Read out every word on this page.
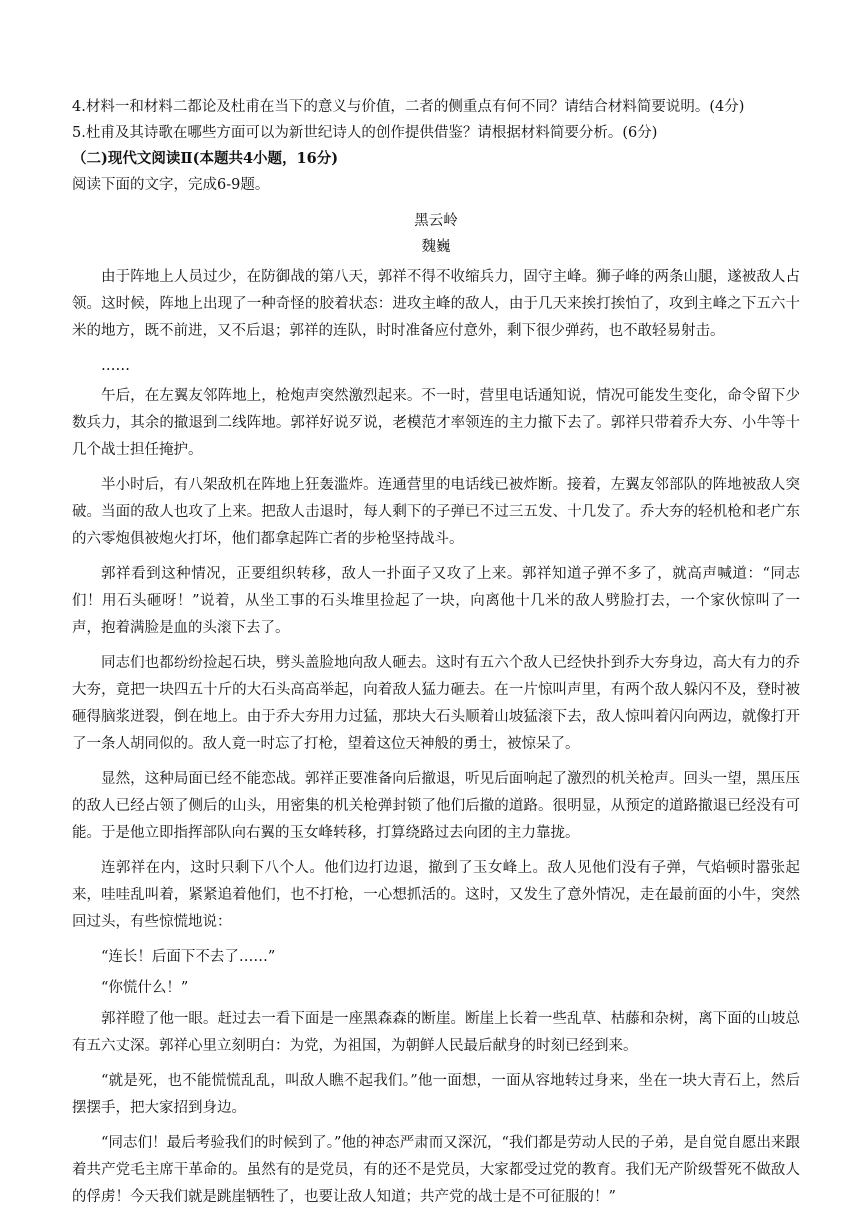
4.材料一和材料二都论及杜甫在当下的意义与价值，二者的侧重点有何不同？请结合材料简要说明。(4分)

5.杜甫及其诗歌在哪些方面可以为新世纪诗人的创作提供借鉴？请根据材料简要分析。(6分)

（二)现代文阅读Ⅱ(本题共4小题，16分)

阅读下面的文字，完成6-9题。

黑云岭

魏巍

由于阵地上人员过少，在防御战的第八天，郭祥不得不收缩兵力，固守主峰。狮子峰的两条山腿，遂被敌人占领。这时候，阵地上出现了一种奇怪的胶着状态：进攻主峰的敌人，由于几天来挨打挨怕了，攻到主峰之下五六十米的地方，既不前进，又不后退；郭祥的连队，时时准备应付意外，剩下很少弹药，也不敢轻易射击。

……

午后，在左翼友邻阵地上，枪炮声突然激烈起来。不一时，营里电话通知说，情况可能发生变化，命令留下少数兵力，其余的撤退到二线阵地。郭祥好说歹说，老模范才率领连的主力撤下去了。郭祥只带着乔大夯、小牛等十几个战士担任掩护。

半小时后，有八架敌机在阵地上狂轰滥炸。连通营里的电话线已被炸断。接着，左翼友邻部队的阵地被敌人突破。当面的敌人也攻了上来。把敌人击退时，每人剩下的子弹已不过三五发、十几发了。乔大夯的轻机枪和老广东的六零炮俱被炮火打坏，他们都拿起阵亡者的步枪坚持战斗。

郭祥看到这种情况，正要组织转移，敌人一扑面子又攻了上来。郭祥知道子弹不多了，就高声喊道：“同志们！用石头砸呀！”说着，从坐工事的石头堆里捡起了一块，向离他十几米的敌人劈脸打去，一个家伙惊叫了一声，抱着满脸是血的头滚下去了。

同志们也都纷纷捡起石块，劈头盖脸地向敌人砸去。这时有五六个敌人已经快扑到乔大夯身边，高大有力的乔大夯，竟把一块四五十斤的大石头高高举起，向着敌人猛力砸去。在一片惊叫声里，有两个敌人躲闪不及，登时被砸得脑浆迸裂，倒在地上。由于乔大夯用力过猛，那块大石头顺着山坡猛滚下去，敌人惊叫着闪向两边，就像打开了一条人胡同似的。敌人竟一时忘了打枪，望着这位天神般的勇士，被惊呆了。

显然，这种局面已经不能恋战。郭祥正要准备向后撤退，听见后面响起了激烈的机关枪声。回头一望，黑压压的敌人已经占领了侧后的山头，用密集的机关枪弹封锁了他们后撤的道路。很明显，从预定的道路撤退已经没有可能。于是他立即指挥部队向右翼的玉女峰转移，打算绕路过去向团的主力靠拢。

连郭祥在内，这时只剩下八个人。他们边打边退，撤到了玉女峰上。敌人见他们没有子弹，气焰顿时嚣张起来，哇哇乱叫着，紧紧追着他们，也不打枪，一心想抓活的。这时，又发生了意外情况，走在最前面的小牛，突然回过头，有些惊慌地说：

“连长！后面下不去了……”

“你慌什么！”

郭祥瞪了他一眼。赶过去一看下面是一座黑森森的断崖。断崖上长着一些乱草、枯藤和杂树，离下面的山坡总有五六丈深。郭祥心里立刻明白：为党，为祖国，为朝鲜人民最后献身的时刻已经到来。

“就是死，也不能慌慌乱乱，叫敌人瞧不起我们。”他一面想，一面从容地转过身来，坐在一块大青石上，然后摆摆手，把大家招到身边。

“同志们！最后考验我们的时候到了。”他的神态严肃而又深沉，“我们都是劳动人民的子弟，是自觉自愿出来跟着共产党毛主席干革命的。虽然有的是党员，有的还不是党员，大家都受过党的教育。我们无产阶级誓死不做敌人的俘虏！今天我们就是跳崖牺牲了，也要让敌人知道；共产党的战士是不可征服的！”
